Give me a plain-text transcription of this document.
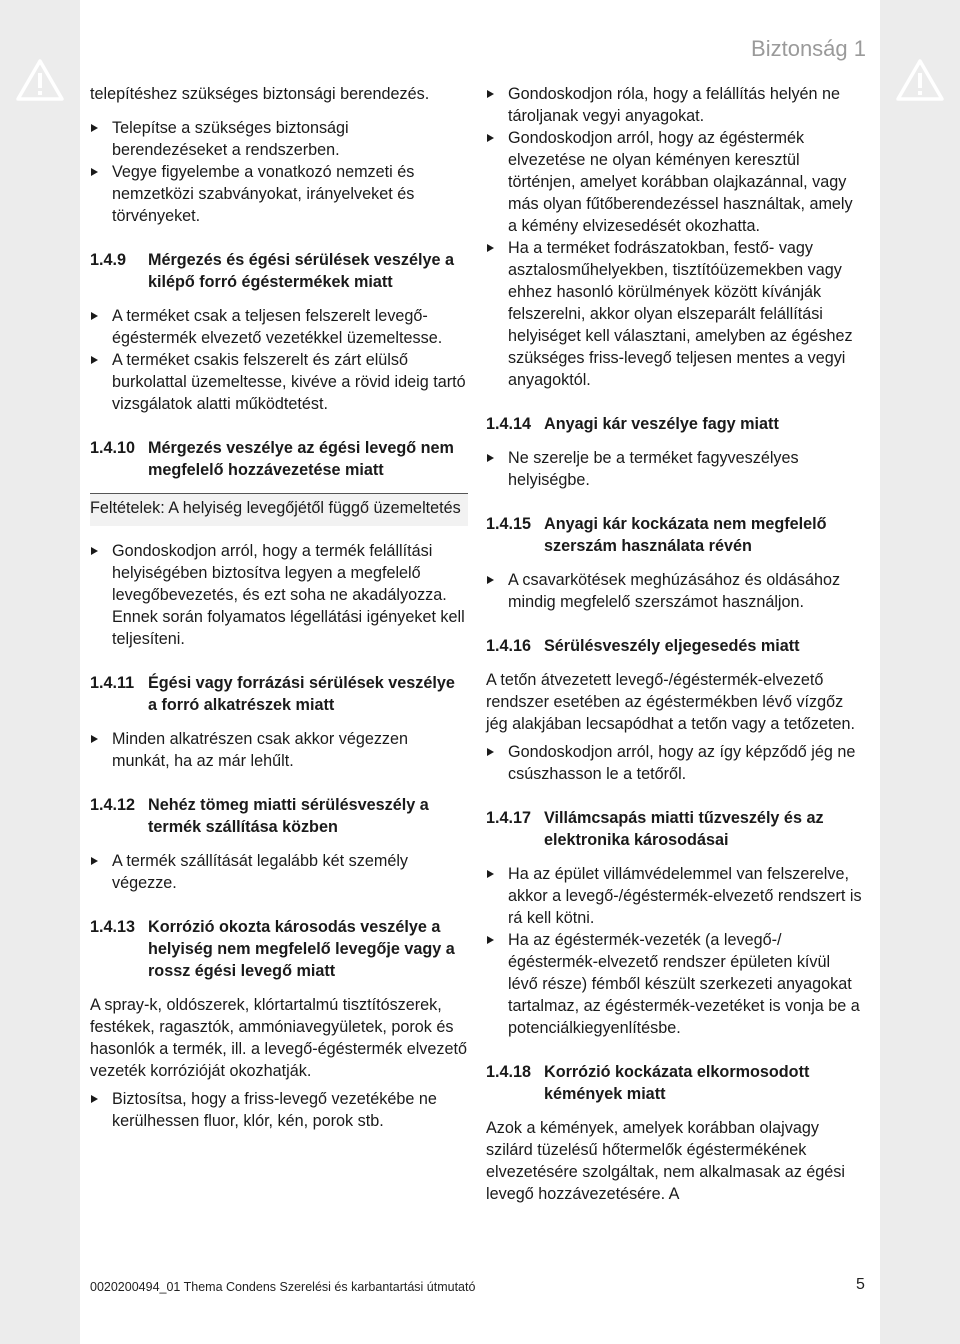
Biztonság 1

telepítéshez szükséges biztonsági berendezés.

Telepítse a szükséges biztonsági berendezéseket a rendszerben.

Vegye figyelembe a vonatkozó nemzeti és nemzetközi szabványokat, irányelveket és törvényeket.

1.4.9 Mérgezés és égési sérülések veszélye a kilépő forró égéstermékek miatt

A terméket csak a teljesen felszerelt levegő-égéstermék elvezető vezetékkel üzemeltesse.

A terméket csakis felszerelt és zárt elülső burkolattal üzemeltesse, kivéve a rövid ideig tartó vizsgálatok alatti működtetést.

1.4.10 Mérgezés veszélye az égési levegő nem megfelelő hozzávezetése miatt
Feltételek: A helyiség levegőjétől függő üzemeltetés

Gondoskodjon arról, hogy a termék felállítási helyiségében biztosítva legyen a megfelelő levegőbevezetés, és ezt soha ne akadályozza. Ennek során folyamatos légellátási igényeket kell teljesíteni.

1.4.11 Égési vagy forrázási sérülések veszélye a forró alkatrészek miatt

Minden alkatrészen csak akkor végezzen munkát, ha az már lehűlt.

1.4.12 Nehéz tömeg miatti sérülésveszély a termék szállítása közben

A termék szállítását legalább két személy végezze.

1.4.13 Korrózió okozta károsodás veszélye a helyiség nem megfelelő levegője vagy a rossz égési levegő miatt

A spray-k, oldószerek, klórtartalmú tisztítószerek, festékek, ragasztók, ammóniavegyületek, porok és hasonlók a termék, ill. a levegő-égéstermék elvezető vezeték korrózióját okozhatják.

Biztosítsa, hogy a friss-levegő vezetékébe ne kerülhessen fluor, klór, kén, porok stb.

Gondoskodjon róla, hogy a felállítás helyén ne tároljanak vegyi anyagokat.

Gondoskodjon arról, hogy az égéstermék elvezetése ne olyan kéményen keresztül történjen, amelyet korábban olajkazánnal, vagy más olyan fűtőberendezéssel használtak, amely a kémény elvizesedését okozhatta.

Ha a terméket fodrászatokban, festő- vagy asztalosműhelyekben, tisztítóüzemekben vagy ehhez hasonló körülmények között kívánják felszerelni, akkor olyan elszeparált felállítási helyiséget kell választani, amelyben az égéshez szükséges friss-levegő teljesen mentes a vegyi anyagoktól.

1.4.14 Anyagi kár veszélye fagy miatt

Ne szerelje be a terméket fagyveszélyes helyiségbe.

1.4.15 Anyagi kár kockázata nem megfelelő szerszám használata révén

A csavarkötések meghúzásához és oldásához mindig megfelelő szerszámot használjon.

1.4.16 Sérülésveszély eljegesedés miatt

A tetőn átvezetett levegő-/égéstermék-elvezető rendszer esetében az égéstermékben lévő vízgőz jég alakjában lecsapódhat a tetőn vagy a tetőzeten.

Gondoskodjon arról, hogy az így képződő jég ne csúszhasson le a tetőről.

1.4.17 Villámcsapás miatti tűzveszély és az elektronika károsodásai

Ha az épület villámvédelemmel van felszerelve, akkor a levegő-/égéstermék-elvezető rendszert is rá kell kötni.

Ha az égéstermék-vezeték (a levegő-/égéstermék-elvezető rendszer épületen kívül lévő része) fémből készült szerkezeti anyagokat tartalmaz, az égéstermék-vezetéket is vonja be a potenciálkiegyenlítésbe.

1.4.18 Korrózió kockázata elkormosodott kémények miatt

Azok a kémények, amelyek korábban olajvagy szilárd tüzelésű hőtermelők égéstermékének elvezetésére szolgáltak, nem alkalmasak az égési levegő hozzávezetésére. A

0020200494_01 Thema Condens Szerelési és karbantartási útmutató	5
